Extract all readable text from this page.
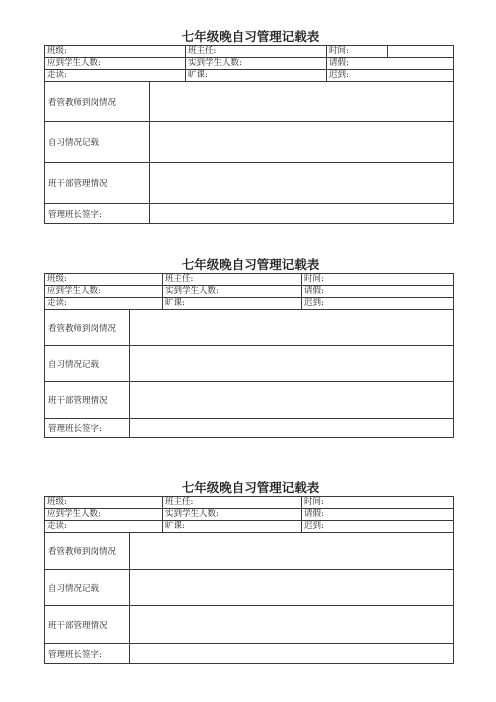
七年级晚自习管理记载表
班级:		班主任:	时间:	
应到学生人数:		实到学生人数:	请假:	
走读:		旷课:	迟到:	
看管教师到岗情况				
自习情况记载				
班干部管理情况				
管理班长签字:				
七年级晚自习管理记载表
班级:		班主任:	时间:
应到学生人数:		实到学生人数:	请假:
走读:		旷课:	迟到:
看管教师到岗情况			
自习情况记载			
班干部管理情况			
管理班长签字:			
七年级晚自习管理记载表
班级:		班主任:	时间:
应到学生人数:		实到学生人数:	请假:
走读:		旷课:	迟到:
看管教师到岗情况			
自习情况记载			
班干部管理情况			
管理班长签字:			
